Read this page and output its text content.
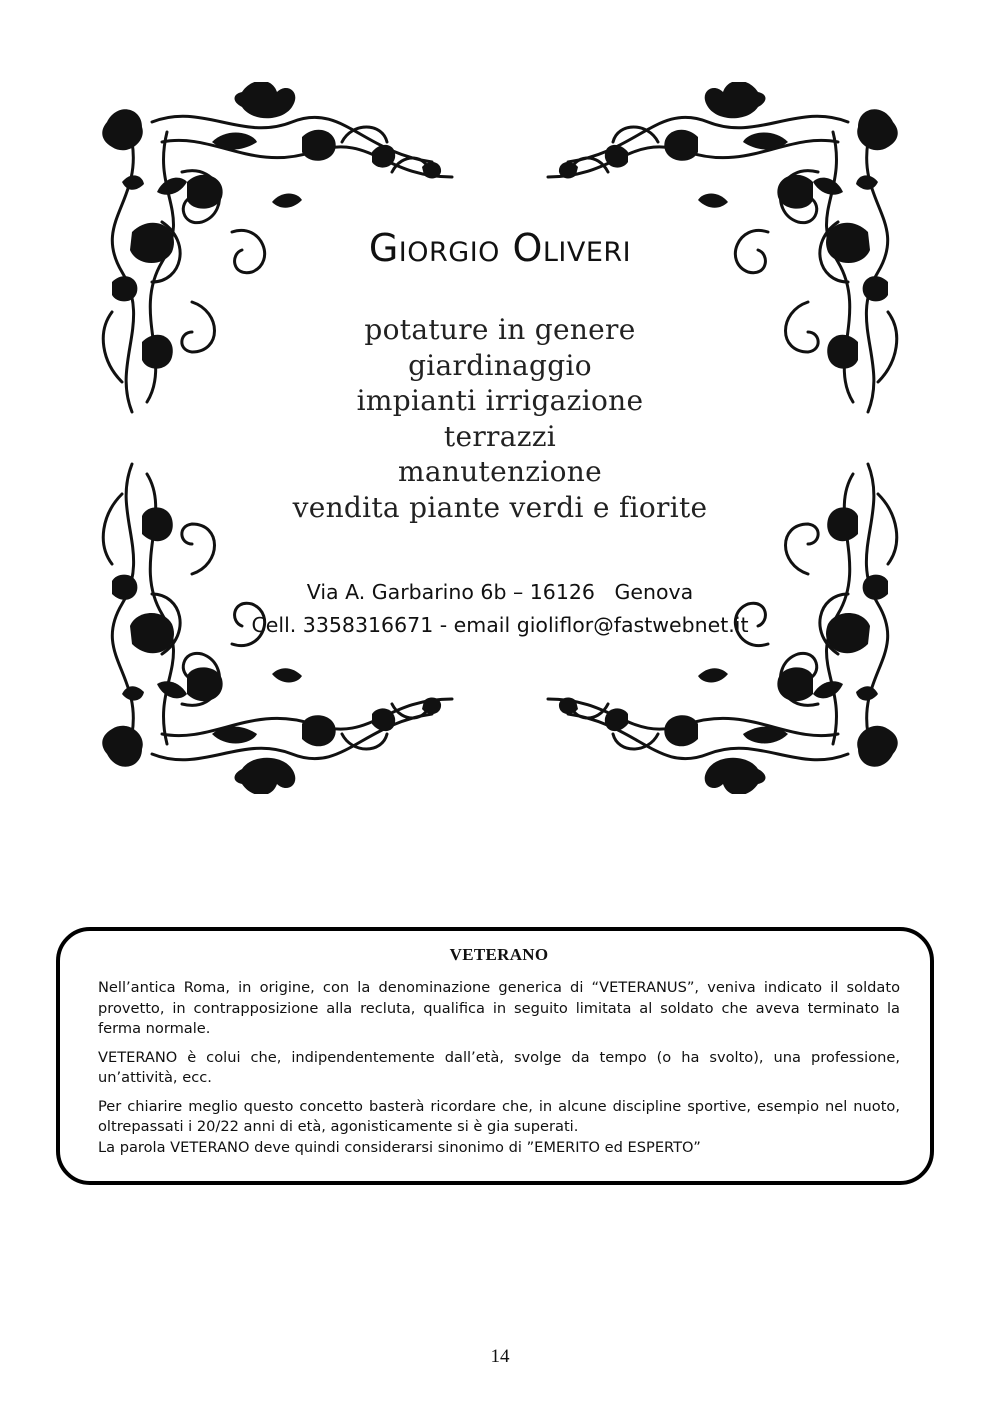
Giorgio Oliveri
potature in genere
giardinaggio
impianti irrigazione
terrazzi
manutenzione
vendita piante verdi e fiorite

Via A. Garbarino 6b – 16126   Genova

Cell. 3358316671 - email gioliflor@fastwebnet.it

VETERANO

Nell’antica Roma, in origine, con la denominazione generica di “VETERANUS”, veniva indicato il soldato provetto, in contrapposizione alla recluta, qualifica in seguito limitata al soldato che aveva terminato la ferma normale.

VETERANO è colui che, indipendentemente dall’età, svolge da tempo (o ha svolto), una professione, un’attività, ecc.

Per chiarire meglio questo concetto basterà ricordare che, in alcune discipline sportive, esempio nel nuoto, oltrepassati i 20/22 anni di età, agonisticamente si è gia superati.

La parola VETERANO deve quindi considerarsi sinonimo di ”EMERITO ed ESPERTO”

14
